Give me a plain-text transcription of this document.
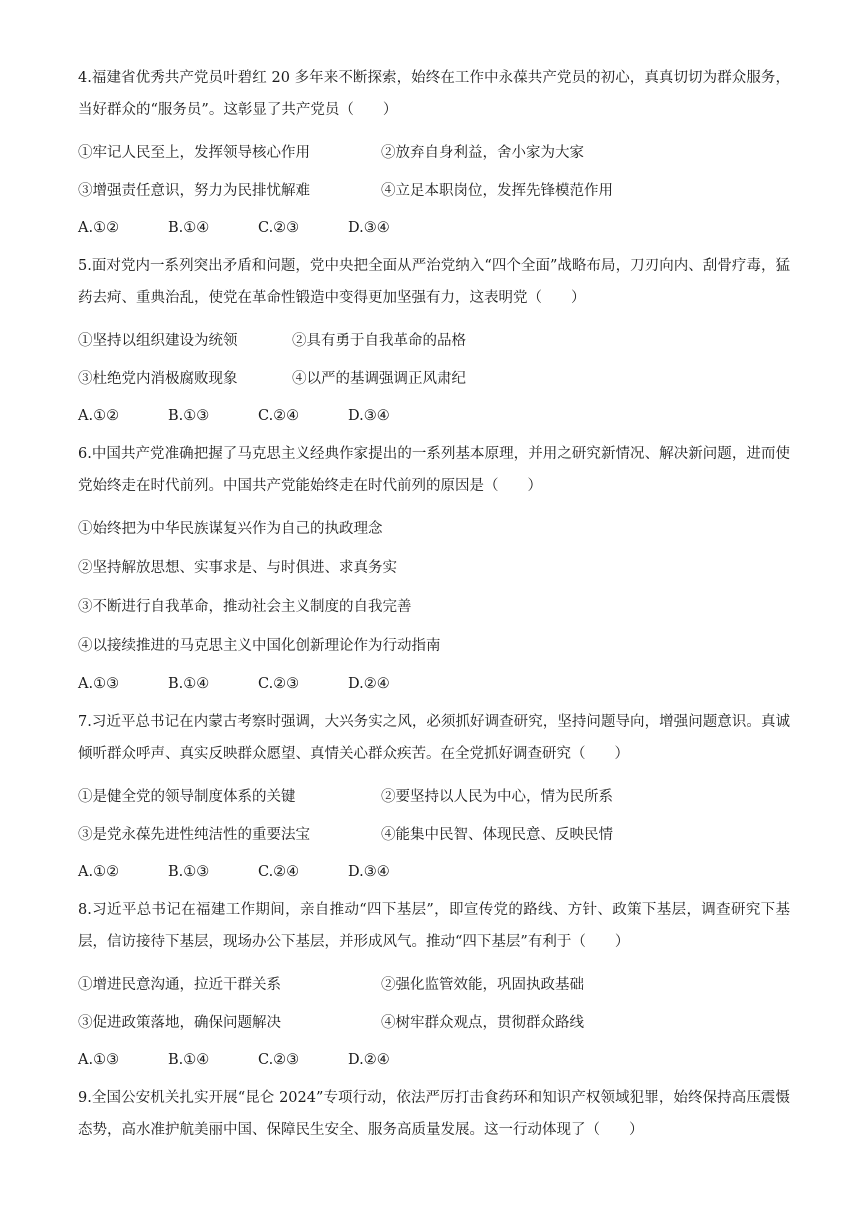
4.福建省优秀共产党员叶碧红 20 多年来不断探索，始终在工作中永葆共产党员的初心，真真切切为群众服务，当好群众的“服务员”。这彰显了共产党员（　　）

①牢记人民至上，发挥领导核心作用	②放弃自身利益，舍小家为大家
③增强责任意识，努力为民排忧解难	④立足本职岗位，发挥先锋模范作用
A.①②	B.①④	C.②③	D.③④

5.面对党内一系列突出矛盾和问题，党中央把全面从严治党纳入“四个全面”战略布局，刀刃向内、刮骨疗毒，猛药去疴、重典治乱，使党在革命性锻造中变得更加坚强有力，这表明党（　　）

①坚持以组织建设为统领	②具有勇于自我革命的品格
③杜绝党内消极腐败现象	④以严的基调强调正风肃纪
A.①②	B.①③	C.②④	D.③④

6.中国共产党准确把握了马克思主义经典作家提出的一系列基本原理，并用之研究新情况、解决新问题，进而使党始终走在时代前列。中国共产党能始终走在时代前列的原因是（　　）

①始终把为中华民族谋复兴作为自己的执政理念
②坚持解放思想、实事求是、与时俱进、求真务实
③不断进行自我革命，推动社会主义制度的自我完善
④以接续推进的马克思主义中国化创新理论作为行动指南
A.①③	B.①④	C.②③	D.②④

7.习近平总书记在内蒙古考察时强调，大兴务实之风，必须抓好调查研究，坚持问题导向，增强问题意识。真诚倾听群众呼声、真实反映群众愿望、真情关心群众疾苦。在全党抓好调查研究（　　）

①是健全党的领导制度体系的关键	②要坚持以人民为中心，情为民所系
③是党永葆先进性纯洁性的重要法宝	④能集中民智、体现民意、反映民情
A.①②	B.①③	C.②④	D.③④

8.习近平总书记在福建工作期间，亲自推动“四下基层”，即宣传党的路线、方针、政策下基层，调查研究下基层，信访接待下基层，现场办公下基层，并形成风气。推动“四下基层”有利于（　　）

①增进民意沟通，拉近干群关系	②强化监管效能，巩固执政基础
③促进政策落地，确保问题解决	④树牢群众观点，贯彻群众路线
A.①③	B.①④	C.②③	D.②④

9.全国公安机关扎实开展“昆仑 2024”专项行动，依法严厉打击食药环和知识产权领域犯罪，始终保持高压震慑态势，高水准护航美丽中国、保障民生安全、服务高质量发展。这一行动体现了（　　）
